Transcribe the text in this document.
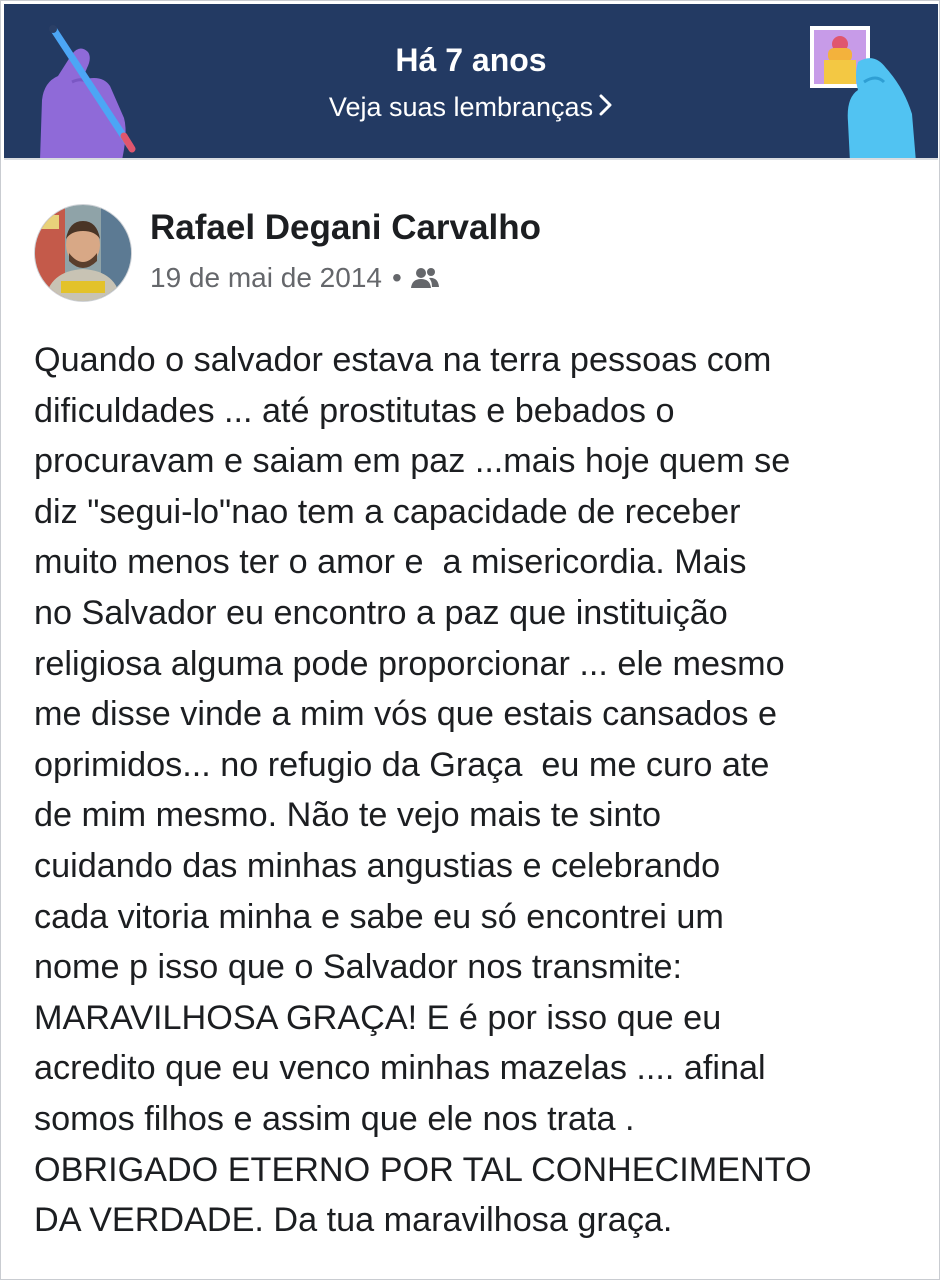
Há 7 anos
Veja suas lembranças
Rafael Degani Carvalho
19 de mai de 2014 •

Quando o salvador estava na terra pessoas com
dificuldades ... até prostitutas e bebados o
procuravam e saiam em paz ...mais hoje quem se
diz "segui-lo"nao tem a capacidade de receber
muito menos ter o amor e  a misericordia. Mais
no Salvador eu encontro a paz que instituição
religiosa alguma pode proporcionar ... ele mesmo
me disse vinde a mim vós que estais cansados e
oprimidos... no refugio da Graça  eu me curo ate
de mim mesmo. Não te vejo mais te sinto
cuidando das minhas angustias e celebrando
cada vitoria minha e sabe eu só encontrei um
nome p isso que o Salvador nos transmite:
MARAVILHOSA GRAÇA! E é por isso que eu
acredito que eu venco minhas mazelas .... afinal
somos filhos e assim que ele nos trata .
OBRIGADO ETERNO POR TAL CONHECIMENTO
DA VERDADE. Da tua maravilhosa graça.
